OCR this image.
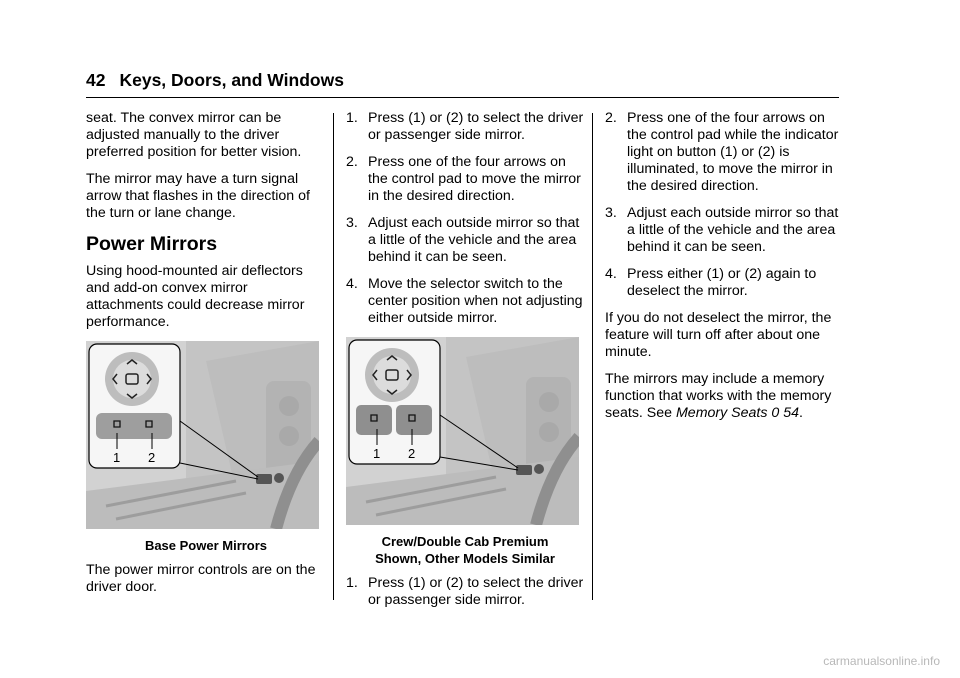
42 Keys, Doors, and Windows

seat. The convex mirror can be adjusted manually to the driver preferred position for better vision.

The mirror may have a turn signal arrow that flashes in the direction of the turn or lane change.

Power Mirrors

Using hood-mounted air deflectors and add-on convex mirror attachments could decrease mirror performance.

1 2
Base Power Mirrors

The power mirror controls are on the driver door.

1. Press (1) or (2) to select the driver or passenger side mirror.
2. Press one of the four arrows on the control pad to move the mirror in the desired direction.
3. Adjust each outside mirror so that a little of the vehicle and the area behind it can be seen.
4. Move the selector switch to the center position when not adjusting either outside mirror.
1 2
Crew/Double Cab Premium
Shown, Other Models Similar
1. Press (1) or (2) to select the driver or passenger side mirror.
2. Press one of the four arrows on the control pad while the indicator light on button (1) or (2) is illuminated, to move the mirror in the desired direction.
3. Adjust each outside mirror so that a little of the vehicle and the area behind it can be seen.
4. Press either (1) or (2) again to deselect the mirror.

If you do not deselect the mirror, the feature will turn off after about one minute.

The mirrors may include a memory function that works with the memory seats. See Memory Seats 0 54.

carmanualsonline.info
